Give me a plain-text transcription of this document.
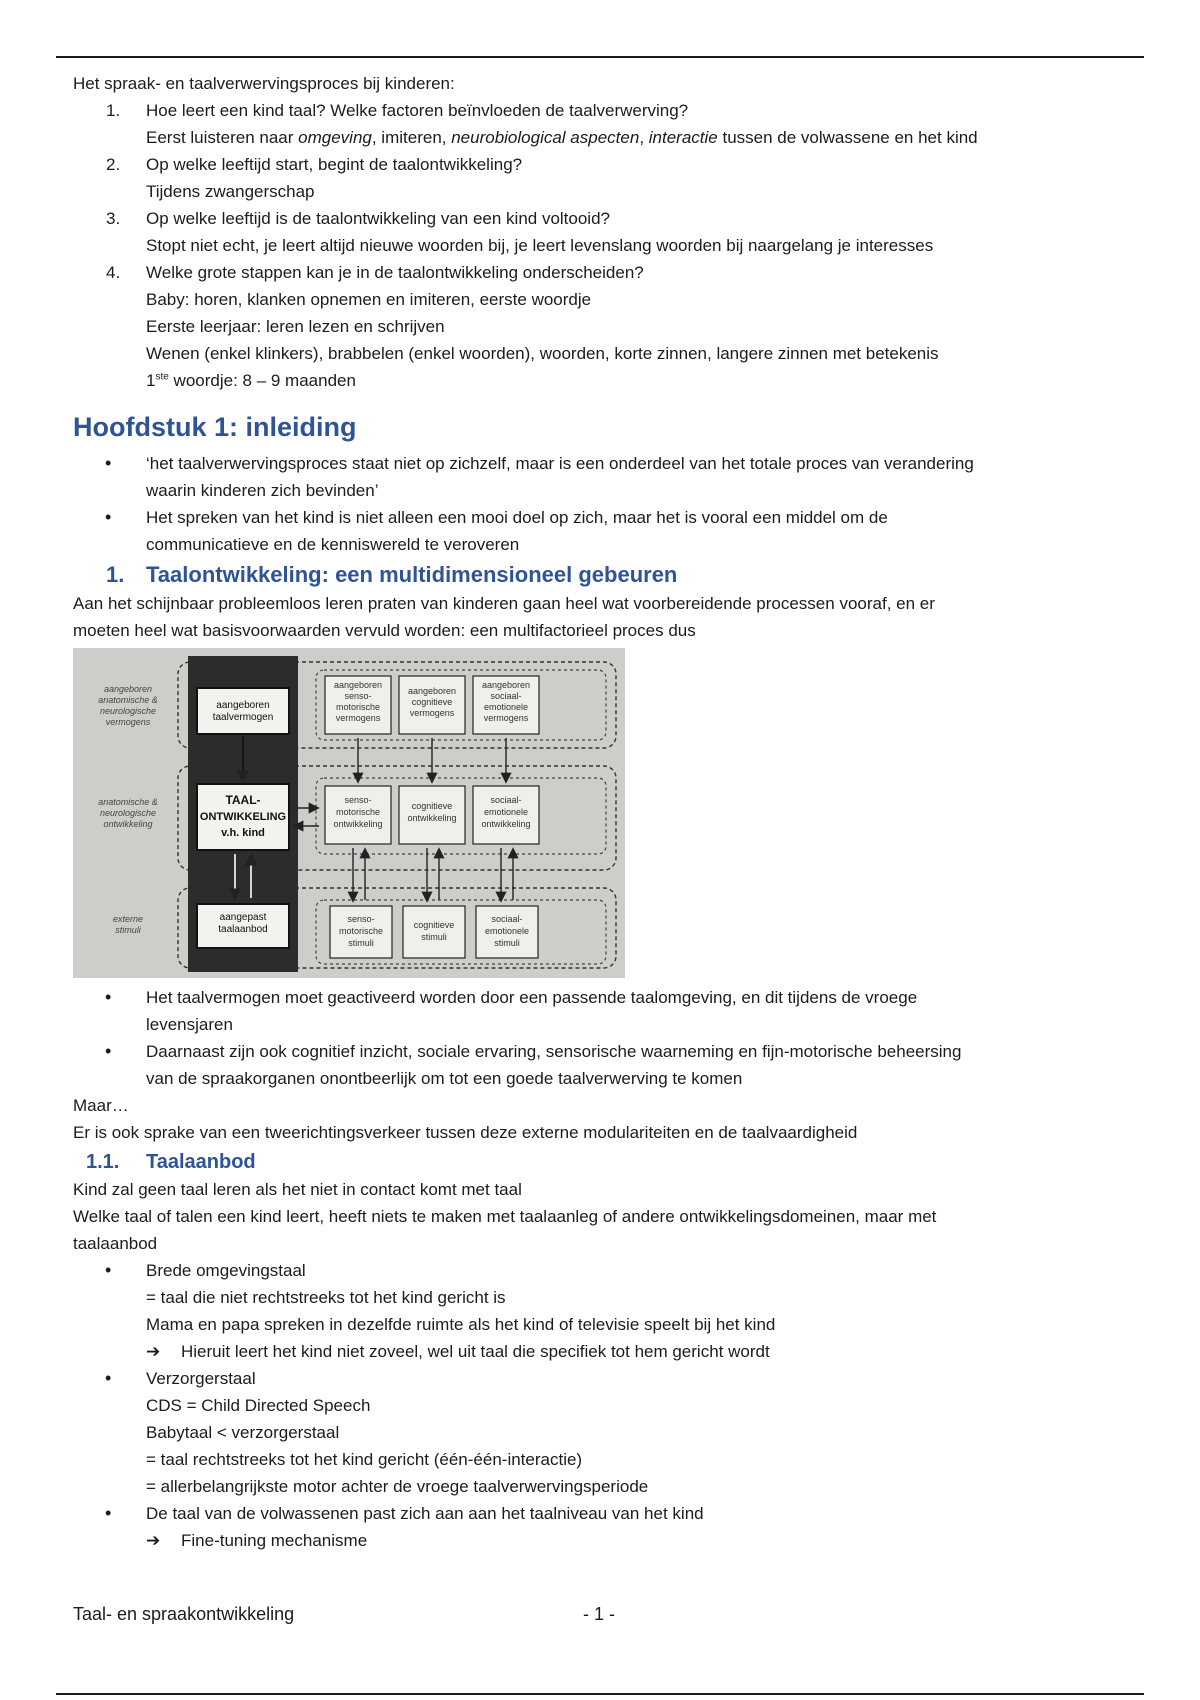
Het spraak- en taalverwervingsproces bij kinderen:

1. Hoe leert een kind taal? Welke factoren beïnvloeden de taalverwerving?

Eerst luisteren naar omgeving, imiteren, neurobiological aspecten, interactie tussen de volwassene en het kind

2. Op welke leeftijd start, begint de taalontwikkeling?

Tijdens zwangerschap

3. Op welke leeftijd is de taalontwikkeling van een kind voltooid?

Stopt niet echt, je leert altijd nieuwe woorden bij, je leert levenslang woorden bij naargelang je interesses

4. Welke grote stappen kan je in de taalontwikkeling onderscheiden?

Baby: horen, klanken opnemen en imiteren, eerste woordje

Eerste leerjaar: leren lezen en schrijven

Wenen (enkel klinkers), brabbelen (enkel woorden), woorden, korte zinnen, langere zinnen met betekenis

1ste woordje: 8 – 9 maanden

Hoofdstuk 1: inleiding
• ‘het taalverwervingsproces staat niet op zichzelf, maar is een onderdeel van het totale proces van verandering

waarin kinderen zich bevinden’

• Het spreken van het kind is niet alleen een mooi doel op zich, maar het is vooral een middel om de

communicatieve en de kenniswereld te veroveren

1. Taalontwikkeling: een multidimensioneel gebeuren

Aan het schijnbaar probleemloos leren praten van kinderen gaan heel wat voorbereidende processen vooraf, en er

moeten heel wat basisvoorwaarden vervuld worden: een multifactorieel proces dus

aangeboren
anatomische &
neurologische
vermogens
anatomische &
neurologische
ontwikkeling
externe
stimuli
aangeboren
taalvermogen
aangepast
taalaanbod
TAAL-
ONTWIKKELING
v.h. kind
aangeboren
senso-
motorische
vermogens
aangeboren
cognitieve
vermogens
aangeboren
sociaal-
emotionele
vermogens
senso-
motorische
ontwikkeling
cognitieve
ontwikkeling
sociaal-
emotionele
ontwikkeling
senso-
motorische
stimuli
cognitieve
stimuli
sociaal-
emotionele
stimuli
• Het taalvermogen moet geactiveerd worden door een passende taalomgeving, en dit tijdens de vroege

levensjaren

• Daarnaast zijn ook cognitief inzicht, sociale ervaring, sensorische waarneming en fijn-motorische beheersing

van de spraakorganen onontbeerlijk om tot een goede taalverwerving te komen

Maar…

Er is ook sprake van een tweerichtingsverkeer tussen deze externe modulariteiten en de taalvaardigheid

1.1. Taalaanbod

Kind zal geen taal leren als het niet in contact komt met taal

Welke taal of talen een kind leert, heeft niets te maken met taalaanleg of andere ontwikkelingsdomeinen, maar met

taalaanbod

• Brede omgevingstaal

= taal die niet rechtstreeks tot het kind gericht is

Mama en papa spreken in dezelfde ruimte als het kind of televisie speelt bij het kind

➔ Hieruit leert het kind niet zoveel, wel uit taal die specifiek tot hem gericht wordt

• Verzorgerstaal

CDS = Child Directed Speech

Babytaal < verzorgerstaal

= taal rechtstreeks tot het kind gericht (één-één-interactie)

= allerbelangrijkste motor achter de vroege taalverwervingsperiode

• De taal van de volwassenen past zich aan aan het taalniveau van het kind

➔ Fine-tuning mechanisme

Taal- en spraakontwikkeling	- 1 -
